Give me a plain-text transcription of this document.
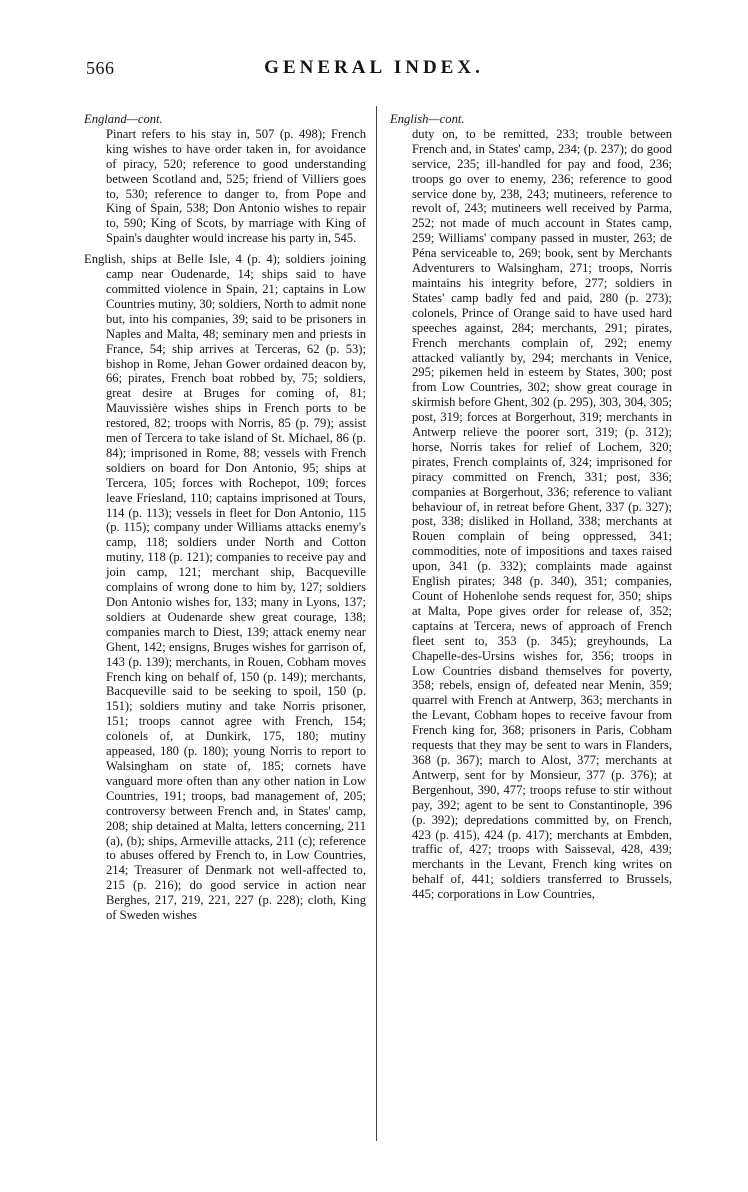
566	GENERAL INDEX.

England—cont.

Pinart refers to his stay in, 507 (p. 498); French king wishes to have order taken in, for avoidance of piracy, 520; reference to good understanding between Scotland and, 525; friend of Villiers goes to, 530; reference to danger to, from Pope and King of Spain, 538; Don Antonio wishes to repair to, 590; King of Scots, by marriage with King of Spain's daughter would increase his party in, 545.

English, ships at Belle Isle, 4 (p. 4); soldiers joining camp near Oudenarde, 14; ships said to have committed violence in Spain, 21; captains in Low Countries mutiny, 30; soldiers, North to admit none but, into his companies, 39; said to be prisoners in Naples and Malta, 48; seminary men and priests in France, 54; ship arrives at Terceras, 62 (p. 53); bishop in Rome, Jehan Gower ordained deacon by, 66; pirates, French boat robbed by, 75; soldiers, great desire at Bruges for coming of, 81; Mauvissière wishes ships in French ports to be restored, 82; troops with Norris, 85 (p. 79); assist men of Tercera to take island of St. Michael, 86 (p. 84); imprisoned in Rome, 88; vessels with French soldiers on board for Don Antonio, 95; ships at Tercera, 105; forces with Rochepot, 109; forces leave Friesland, 110; captains imprisoned at Tours, 114 (p. 113); vessels in fleet for Don Antonio, 115 (p. 115); company under Williams attacks enemy's camp, 118; soldiers under North and Cotton mutiny, 118 (p. 121); companies to receive pay and join camp, 121; merchant ship, Bacqueville complains of wrong done to him by, 127; soldiers Don Antonio wishes for, 133; many in Lyons, 137; soldiers at Oudenarde shew great courage, 138; companies march to Diest, 139; attack enemy near Ghent, 142; ensigns, Bruges wishes for garrison of, 143 (p. 139); merchants, in Rouen, Cobham moves French king on behalf of, 150 (p. 149); merchants, Bacqueville said to be seeking to spoil, 150 (p. 151); soldiers mutiny and take Norris prisoner, 151; troops cannot agree with French, 154; colonels of, at Dunkirk, 175, 180; mutiny appeased, 180 (p. 180); young Norris to report to Walsingham on state of, 185; cornets have vanguard more often than any other nation in Low Countries, 191; troops, bad management of, 205; controversy between French and, in States' camp, 208; ship detained at Malta, letters concerning, 211 (a), (b); ships, Armeville attacks, 211 (c); reference to abuses offered by French to, in Low Countries, 214; Treasurer of Denmark not well-affected to, 215 (p. 216); do good service in action near Berghes, 217, 219, 221, 227 (p. 228); cloth, King of Sweden wishes

English—cont.

duty on, to be remitted, 233; trouble between French and, in States' camp, 234; (p. 237); do good service, 235; ill-handled for pay and food, 236; troops go over to enemy, 236; reference to good service done by, 238, 243; mutineers, reference to revolt of, 243; mutineers well received by Parma, 252; not made of much account in States camp, 259; Williams' company passed in muster, 263; de Péna serviceable to, 269; book, sent by Merchants Adventurers to Walsingham, 271; troops, Norris maintains his integrity before, 277; soldiers in States' camp badly fed and paid, 280 (p. 273); colonels, Prince of Orange said to have used hard speeches against, 284; merchants, 291; pirates, French merchants complain of, 292; enemy attacked valiantly by, 294; merchants in Venice, 295; pikemen held in esteem by States, 300; post from Low Countries, 302; show great courage in skirmish before Ghent, 302 (p. 295), 303, 304, 305; post, 319; forces at Borgerhout, 319; merchants in Antwerp relieve the poorer sort, 319; (p. 312); horse, Norris takes for relief of Lochem, 320; pirates, French complaints of, 324; imprisoned for piracy committed on French, 331; post, 336; companies at Borgerhout, 336; reference to valiant behaviour of, in retreat before Ghent, 337 (p. 327); post, 338; disliked in Holland, 338; merchants at Rouen complain of being oppressed, 341; commodities, note of impositions and taxes raised upon, 341 (p. 332); complaints made against English pirates; 348 (p. 340), 351; companies, Count of Hohenlohe sends request for, 350; ships at Malta, Pope gives order for release of, 352; captains at Tercera, news of approach of French fleet sent to, 353 (p. 345); greyhounds, La Chapelle-des-Ursins wishes for, 356; troops in Low Countries disband themselves for poverty, 358; rebels, ensign of, defeated near Menin, 359; quarrel with French at Antwerp, 363; merchants in the Levant, Cobham hopes to receive favour from French king for, 368; prisoners in Paris, Cobham requests that they may be sent to wars in Flanders, 368 (p. 367); march to Alost, 377; merchants at Antwerp, sent for by Monsieur, 377 (p. 376); at Bergenhout, 390, 477; troops refuse to stir without pay, 392; agent to be sent to Constantinople, 396 (p. 392); depredations committed by, on French, 423 (p. 415), 424 (p. 417); merchants at Embden, traffic of, 427; troops with Saisseval, 428, 439; merchants in the Levant, French king writes on behalf of, 441; soldiers transferred to Brussels, 445; corporations in Low Countries,
